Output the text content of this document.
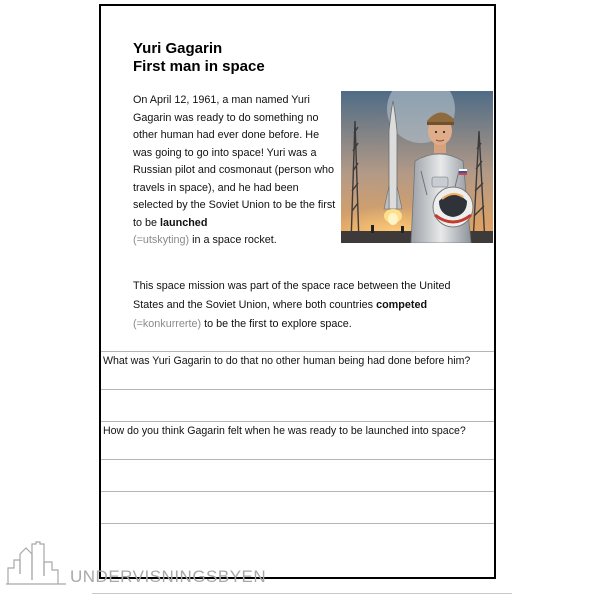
Yuri Gagarin
First man in space

On April 12, 1961, a man named Yuri Gagarin was ready to do something no other human had ever done before. He was going to go into space! Yuri was a Russian pilot and cosmonaut (person who travels in space), and he had been selected by the Soviet Union to be the first to be launched
(=utskyting) in a space rocket.

This space mission was part of the space race between the United States and the Soviet Union, where both countries competed (=konkurrerte) to be the first to explore space.

What was Yuri Gagarin to do that no other human being had done before him?

How do you think Gagarin felt when he was ready to be launched into space?

UNDERVISNINGSBYEN
